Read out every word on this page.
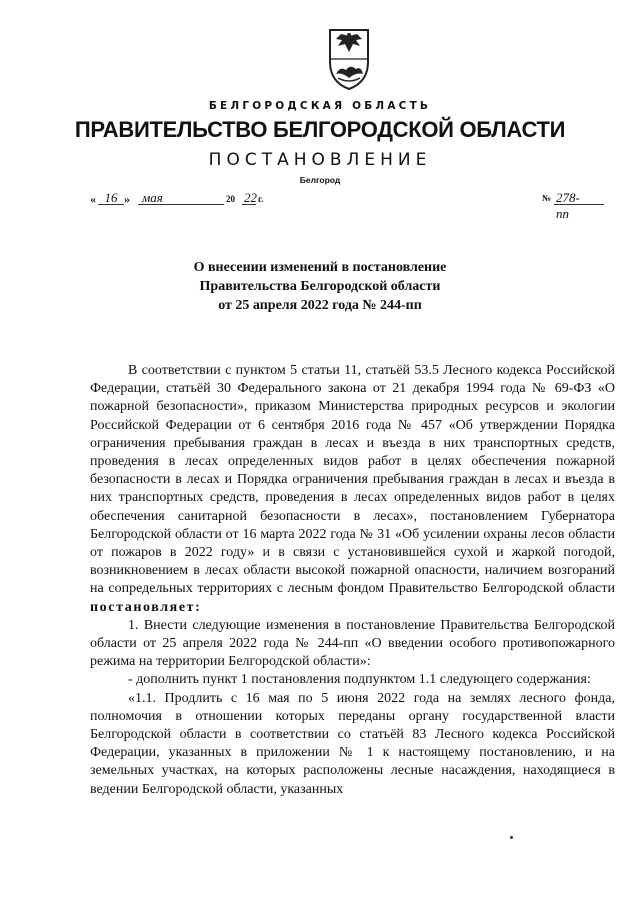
БЕЛГОРОДСКАЯ ОБЛАСТЬ
ПРАВИТЕЛЬСТВО БЕЛГОРОДСКОЙ ОБЛАСТИ
ПОСТАНОВЛЕНИЕ
Белгород
« 16 » мая	20 22 г.	№ 278-пп
О внесении изменений в постановление
Правительства Белгородской области
от 25 апреля 2022 года № 244-пп

В соответствии с пунктом 5 статьи 11, статьёй 53.5 Лесного кодекса Российской Федерации, статьёй 30 Федерального закона от 21 декабря 1994 года № 69-ФЗ «О пожарной безопасности», приказом Министерства природных ресурсов и экологии Российской Федерации от 6 сентября 2016 года № 457 «Об утверждении Порядка ограничения пребывания граждан в лесах и въезда в них транспортных средств, проведения в лесах определенных видов работ в целях обеспечения пожарной безопасности в лесах и Порядка ограничения пребывания граждан в лесах и въезда в них транспортных средств, проведения в лесах определенных видов работ в целях обеспечения санитарной безопасности в лесах», постановлением Губернатора Белгородской области от 16 марта 2022 года № 31 «Об усилении охраны лесов области от пожаров в 2022 году» и в связи с установившейся сухой и жаркой погодой, возникновением в лесах области высокой пожарной опасности, наличием возгораний на сопредельных территориях с лесным фондом Правительство Белгородской области постановляет:

1. Внести следующие изменения в постановление Правительства Белгородской области от 25 апреля 2022 года № 244-пп «О введении особого противопожарного режима на территории Белгородской области»:

- дополнить пункт 1 постановления подпунктом 1.1 следующего содержания:

«1.1. Продлить с 16 мая по 5 июня 2022 года на землях лесного фонда, полномочия в отношении которых переданы органу государственной власти Белгородской области в соответствии со статьёй 83 Лесного кодекса Российской Федерации, указанных в приложении № 1 к настоящему постановлению, и на земельных участках, на которых расположены лесные насаждения, находящиеся в ведении Белгородской области, указанных
